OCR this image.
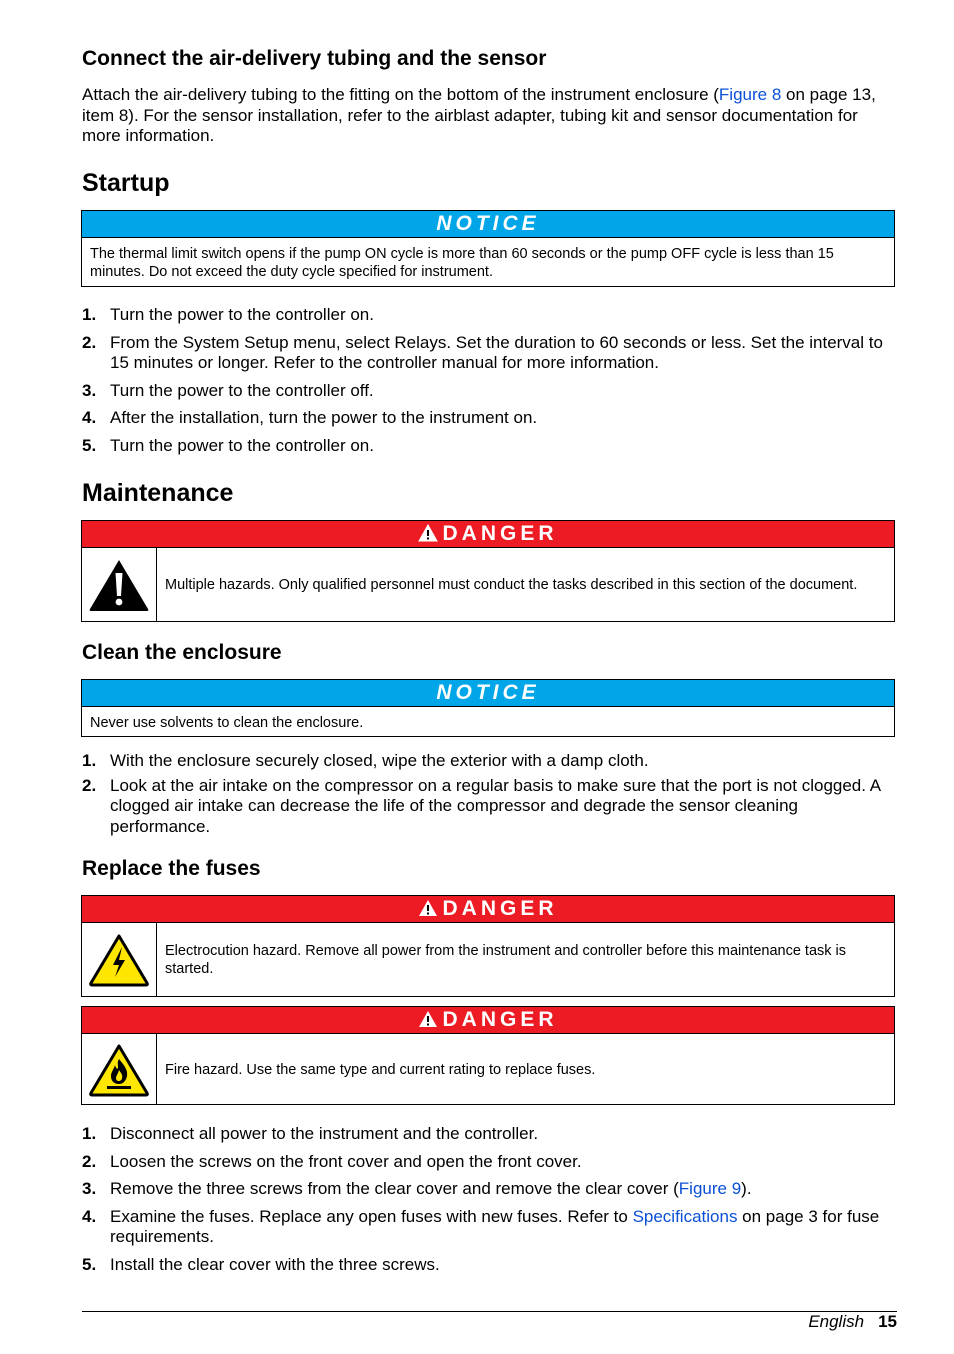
Connect the air-delivery tubing and the sensor
Attach the air-delivery tubing to the fitting on the bottom of the instrument enclosure (Figure 8 on page 13, item 8). For the sensor installation, refer to the airblast adapter, tubing kit and sensor documentation for more information.
Startup
NOTICE
The thermal limit switch opens if the pump ON cycle is more than 60 seconds or the pump OFF cycle is less than 15 minutes. Do not exceed the duty cycle specified for instrument.
1. Turn the power to the controller on.
2. From the System Setup menu, select Relays. Set the duration to 60 seconds or less. Set the interval to 15 minutes or longer. Refer to the controller manual for more information.
3. Turn the power to the controller off.
4. After the installation, turn the power to the instrument on.
5. Turn the power to the controller on.
Maintenance
DANGER
Multiple hazards. Only qualified personnel must conduct the tasks described in this section of the document.
Clean the enclosure
NOTICE
Never use solvents to clean the enclosure.
1. With the enclosure securely closed, wipe the exterior with a damp cloth.
2. Look at the air intake on the compressor on a regular basis to make sure that the port is not clogged. A clogged air intake can decrease the life of the compressor and degrade the sensor cleaning performance.
Replace the fuses
DANGER
Electrocution hazard. Remove all power from the instrument and controller before this maintenance task is started.
DANGER
Fire hazard. Use the same type and current rating to replace fuses.
1. Disconnect all power to the instrument and the controller.
2. Loosen the screws on the front cover and open the front cover.
3. Remove the three screws from the clear cover and remove the clear cover (Figure 9).
4. Examine the fuses. Replace any open fuses with new fuses. Refer to Specifications on page 3 for fuse requirements.
5. Install the clear cover with the three screws.
English 15
